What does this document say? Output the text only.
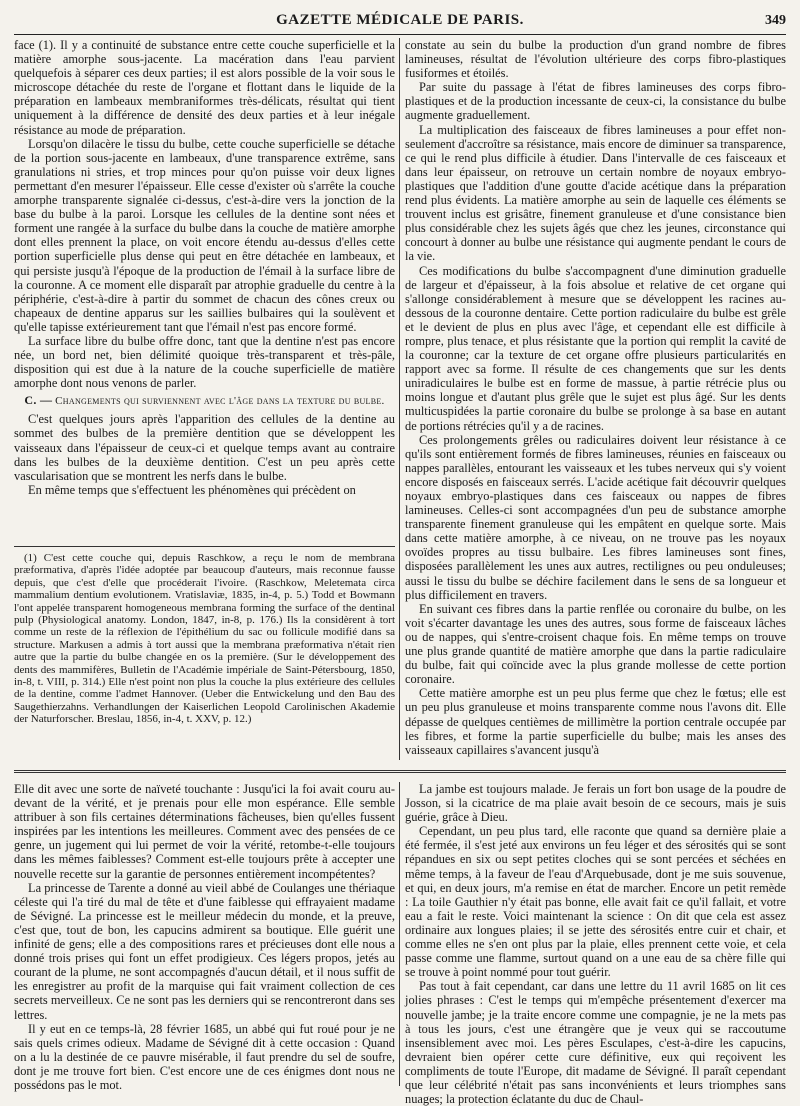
GAZETTE MÉDICALE DE PARIS.	349

face (1). Il y a continuité de substance entre cette couche superficielle et la matière amorphe sous-jacente. La macération dans l'eau parvient quelquefois à séparer ces deux parties; il est alors possible de la voir sous le microscope détachée du reste de l'organe et flottant dans le liquide de la préparation en lambeaux membraniformes très-délicats, résultat qui tient uniquement à la différence de densité des deux parties et à leur inégale résistance au mode de préparation.

Lorsqu'on dilacère le tissu du bulbe, cette couche superficielle se détache de la portion sous-jacente en lambeaux, d'une transparence extrême, sans granulations ni stries, et trop minces pour qu'on puisse voir deux lignes permettant d'en mesurer l'épaisseur. Elle cesse d'exister où s'arrête la couche amorphe transparente signalée ci-dessus, c'est-à-dire vers la jonction de la base du bulbe à la paroi. Lorsque les cellules de la dentine sont nées et forment une rangée à la surface du bulbe dans la couche de matière amorphe dont elles prennent la place, on voit encore étendu au-dessus d'elles cette portion superficielle plus dense qui peut en être détachée en lambeaux, et qui persiste jusqu'à l'époque de la production de l'émail à la surface libre de la couronne. A ce moment elle disparaît par atrophie graduelle du centre à la périphérie, c'est-à-dire à partir du sommet de chacun des cônes creux ou chapeaux de dentine apparus sur les saillies bulbaires qui la soulèvent et qu'elle tapisse extérieurement tant que l'émail n'est pas encore formé.

La surface libre du bulbe offre donc, tant que la dentine n'est pas encore née, un bord net, bien délimité quoique très-transparent et très-pâle, disposition qui est due à la nature de la couche superficielle de matière amorphe dont nous venons de parler.

C. — Changements qui surviennent avec l'âge dans la texture du bulbe.

C'est quelques jours après l'apparition des cellules de la dentine au sommet des bulbes de la première dentition que se développent les vaisseaux dans l'épaisseur de ceux-ci et quelque temps avant au contraire dans les bulbes de la deuxième dentition. C'est un peu après cette vascularisation que se montrent les nerfs dans le bulbe.

En même temps que s'effectuent les phénomènes qui précèdent on

(1) C'est cette couche qui, depuis Raschkow, a reçu le nom de membrana præformativa, d'après l'idée adoptée par beaucoup d'auteurs, mais reconnue fausse depuis, que c'est d'elle que procéderait l'ivoire. (Raschkow, Meletemata circa mammalium dentium evolutionem. Vratislaviæ, 1835, in-4, p. 5.) Todd et Bowmann l'ont appelée transparent homogeneous membrana forming the surface of the dentinal pulp (Physiological anatomy. London, 1847, in-8, p. 176.) Ils la considèrent à tort comme un reste de la réflexion de l'épithélium du sac ou follicule modifié dans sa structure. Markusen a admis à tort aussi que la membrana præformativa n'était rien autre que la partie du bulbe changée en os la première. (Sur le développement des dents des mammifères, Bulletin de l'Académie impériale de Saint-Pétersbourg, 1850, in-8, t. VIII, p. 314.) Elle n'est point non plus la couche la plus extérieure des cellules de la dentine, comme l'admet Hannover. (Ueber die Entwickelung und den Bau des Saugethierzahns. Verhandlungen der Kaiserlichen Leopold Carolinischen Akademie der Naturforscher. Breslau, 1856, in-4, t. XXV, p. 12.)

constate au sein du bulbe la production d'un grand nombre de fibres lamineuses, résultat de l'évolution ultérieure des corps fibro-plastiques fusiformes et étoilés.

Par suite du passage à l'état de fibres lamineuses des corps fibro-plastiques et de la production incessante de ceux-ci, la consistance du bulbe augmente graduellement.

La multiplication des faisceaux de fibres lamineuses a pour effet non-seulement d'accroître sa résistance, mais encore de diminuer sa transparence, ce qui le rend plus difficile à étudier. Dans l'intervalle de ces faisceaux et dans leur épaisseur, on retrouve un certain nombre de noyaux embryo-plastiques que l'addition d'une goutte d'acide acétique dans la préparation rend plus évidents. La matière amorphe au sein de laquelle ces éléments se trouvent inclus est grisâtre, finement granuleuse et d'une consistance bien plus considérable chez les sujets âgés que chez les jeunes, circonstance qui concourt à donner au bulbe une résistance qui augmente pendant le cours de la vie.

Ces modifications du bulbe s'accompagnent d'une diminution graduelle de largeur et d'épaisseur, à la fois absolue et relative de cet organe qui s'allonge considérablement à mesure que se développent les racines au-dessous de la couronne dentaire. Cette portion radiculaire du bulbe est grêle et le devient de plus en plus avec l'âge, et cependant elle est difficile à rompre, plus tenace, et plus résistante que la portion qui remplit la cavité de la couronne; car la texture de cet organe offre plusieurs particularités en rapport avec sa forme. Il résulte de ces changements que sur les dents uniradiculaires le bulbe est en forme de massue, à partie rétrécie plus ou moins longue et d'autant plus grêle que le sujet est plus âgé. Sur les dents multicuspidées la partie coronaire du bulbe se prolonge à sa base en autant de portions rétrécies qu'il y a de racines.

Ces prolongements grêles ou radiculaires doivent leur résistance à ce qu'ils sont entièrement formés de fibres lamineuses, réunies en faisceaux ou nappes parallèles, entourant les vaisseaux et les tubes nerveux qui s'y voient encore disposés en faisceaux serrés. L'acide acétique fait découvrir quelques noyaux embryo-plastiques dans ces faisceaux ou nappes de fibres lamineuses. Celles-ci sont accompagnées d'un peu de substance amorphe transparente finement granuleuse qui les empâtent en quelque sorte. Mais dans cette matière amorphe, à ce niveau, on ne trouve pas les noyaux ovoïdes propres au tissu bulbaire. Les fibres lamineuses sont fines, disposées parallèlement les unes aux autres, rectilignes ou peu onduleuses; aussi le tissu du bulbe se déchire facilement dans le sens de sa longueur et plus difficilement en travers.

En suivant ces fibres dans la partie renflée ou coronaire du bulbe, on les voit s'écarter davantage les unes des autres, sous forme de faisceaux lâches ou de nappes, qui s'entre-croisent chaque fois. En même temps on trouve une plus grande quantité de matière amorphe que dans la partie radiculaire du bulbe, fait qui coïncide avec la plus grande mollesse de cette portion coronaire.

Cette matière amorphe est un peu plus ferme que chez le fœtus; elle est un peu plus granuleuse et moins transparente comme nous l'avons dit. Elle dépasse de quelques centièmes de millimètre la portion centrale occupée par les fibres, et forme la partie superficielle du bulbe; mais les anses des vaisseaux capillaires s'avancent jusqu'à

Elle dit avec une sorte de naïveté touchante : Jusqu'ici la foi avait couru au-devant de la vérité, et je prenais pour elle mon espérance. Elle semble attribuer à son fils certaines déterminations fâcheuses, bien qu'elles fussent inspirées par les intentions les meilleures. Comment avec des pensées de ce genre, un jugement qui lui permet de voir la vérité, retombe-t-elle toujours dans les mêmes faiblesses? Comment est-elle toujours prête à accepter une nouvelle recette sur la garantie de personnes entièrement incompétentes?

La princesse de Tarente a donné au vieil abbé de Coulanges une thériaque céleste qui l'a tiré du mal de tête et d'une faiblesse qui effrayaient madame de Sévigné. La princesse est le meilleur médecin du monde, et la preuve, c'est que, tout de bon, les capucins admirent sa boutique. Elle guérit une infinité de gens; elle a des compositions rares et précieuses dont elle nous a donné trois prises qui font un effet prodigieux. Ces légers propos, jetés au courant de la plume, ne sont accompagnés d'aucun détail, et il nous suffit de les enregistrer au profit de la marquise qui fait vraiment collection de ces secrets merveilleux. Ce ne sont pas les derniers qui se rencontreront dans ses lettres.

Il y eut en ce temps-là, 28 février 1685, un abbé qui fut roué pour je ne sais quels crimes odieux. Madame de Sévigné dit à cette occasion : Quand on a lu la destinée de ce pauvre misérable, il faut prendre du sel de soufre, dont je me trouve fort bien. C'est encore une de ces énigmes dont nous ne possédons pas le mot.

La jambe est toujours malade. Je ferais un fort bon usage de la poudre de Josson, si la cicatrice de ma plaie avait besoin de ce secours, mais je suis guérie, grâce à Dieu.

Cependant, un peu plus tard, elle raconte que quand sa dernière plaie a été fermée, il s'est jeté aux environs un feu léger et des sérosités qui se sont répandues en six ou sept petites cloches qui se sont percées et séchées en même temps, à la faveur de l'eau d'Arquebusade, dont je me suis souvenue, et qui, en deux jours, m'a remise en état de marcher. Encore un petit remède : La toile Gauthier n'y était pas bonne, elle avait fait ce qu'il fallait, et votre eau a fait le reste. Voici maintenant la science : On dit que cela est assez ordinaire aux longues plaies; il se jette des sérosités entre cuir et chair, et comme elles ne s'en ont plus par la plaie, elles prennent cette voie, et cela passe comme une flamme, surtout quand on a une eau de sa chère fille qui se trouve à point nommé pour tout guérir.

Pas tout à fait cependant, car dans une lettre du 11 avril 1685 on lit ces jolies phrases : C'est le temps qui m'empêche présentement d'exercer ma nouvelle jambe; je la traite encore comme une compagnie, je ne la mets pas à tous les jours, c'est une étrangère que je veux qui se raccoutume insensiblement avec moi. Les pères Esculapes, c'est-à-dire les capucins, devraient bien opérer cette cure définitive, eux qui reçoivent les compliments de toute l'Europe, dit madame de Sévigné. Il paraît cependant que leur célébrité n'était pas sans inconvénients et leurs triomphes sans nuages; la protection éclatante du duc de Chaul-
